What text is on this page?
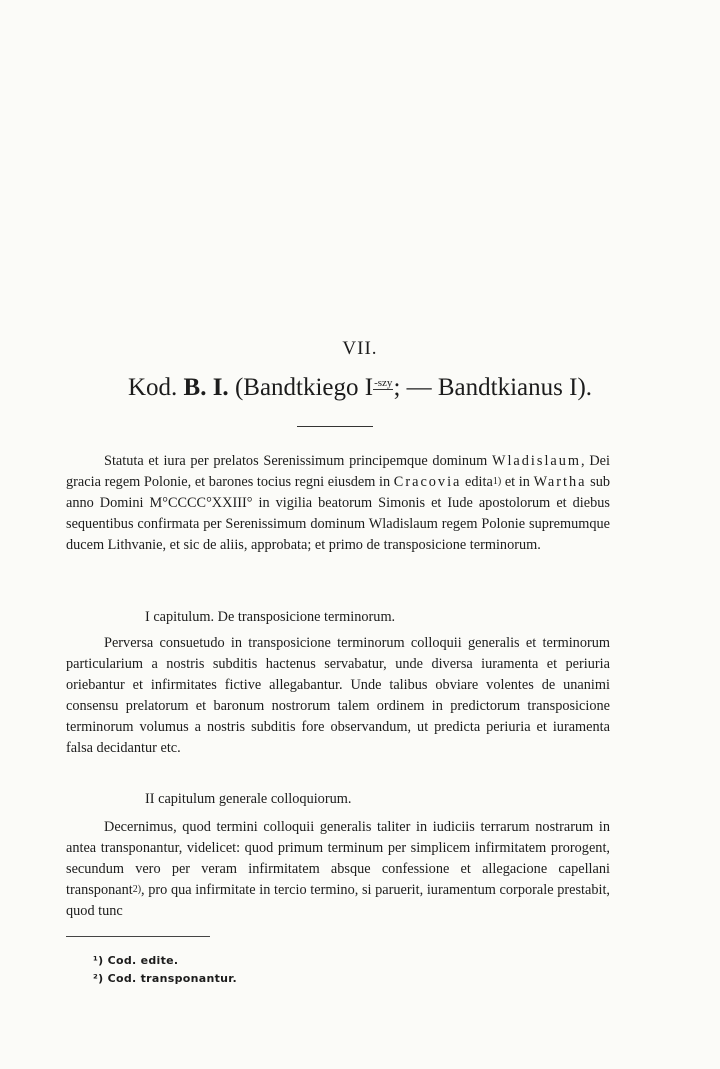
VII.
Kod. B. I. (Bandtkiego $I^{-szy}$; — Bandtkianus I).

Statuta et iura per prelatos Serenissimum principemque dominum Wladislaum, Dei gracia regem Polonie, et barones tocius regni eiusdem in Cracovia edita$^{1)}$ et in Wartha sub anno Domini M°CCCC°XXIII° in vigilia beatorum Simonis et Iude apostolorum et diebus sequentibus confirmata per Serenissimum dominum Wladislaum regem Polonie supremumque ducem Lithvanie, et sic de aliis, approbata; et primo de transposicione terminorum.

I capitulum. De transposicione terminorum.

Perversa consuetudo in transposicione terminorum colloquii generalis et terminorum particularium a nostris subditis hactenus servabatur, unde diversa iuramenta et periuria oriebantur et infirmitates fictive allegabantur. Unde talibus obviare volentes de unanimi consensu prelatorum et baronum nostrorum talem ordinem in predictorum transposicione terminorum volumus a nostris subditis fore observandum, ut predicta periuria et iuramenta falsa decidantur etc.

II capitulum generale colloquiorum.

Decernimus, quod termini colloquii generalis taliter in iudiciis terrarum nostrarum in antea transponantur, videlicet: quod primum terminum per simplicem infirmitatem prorogent, secundum vero per veram infirmitatem absque confessione et allegacione capellani transponant$^{2)}$, pro qua infirmitate in tercio termino, si paruerit, iuramentum corporale prestabit, quod tunc

¹) Cod. edite.
²) Cod. transponantur.
